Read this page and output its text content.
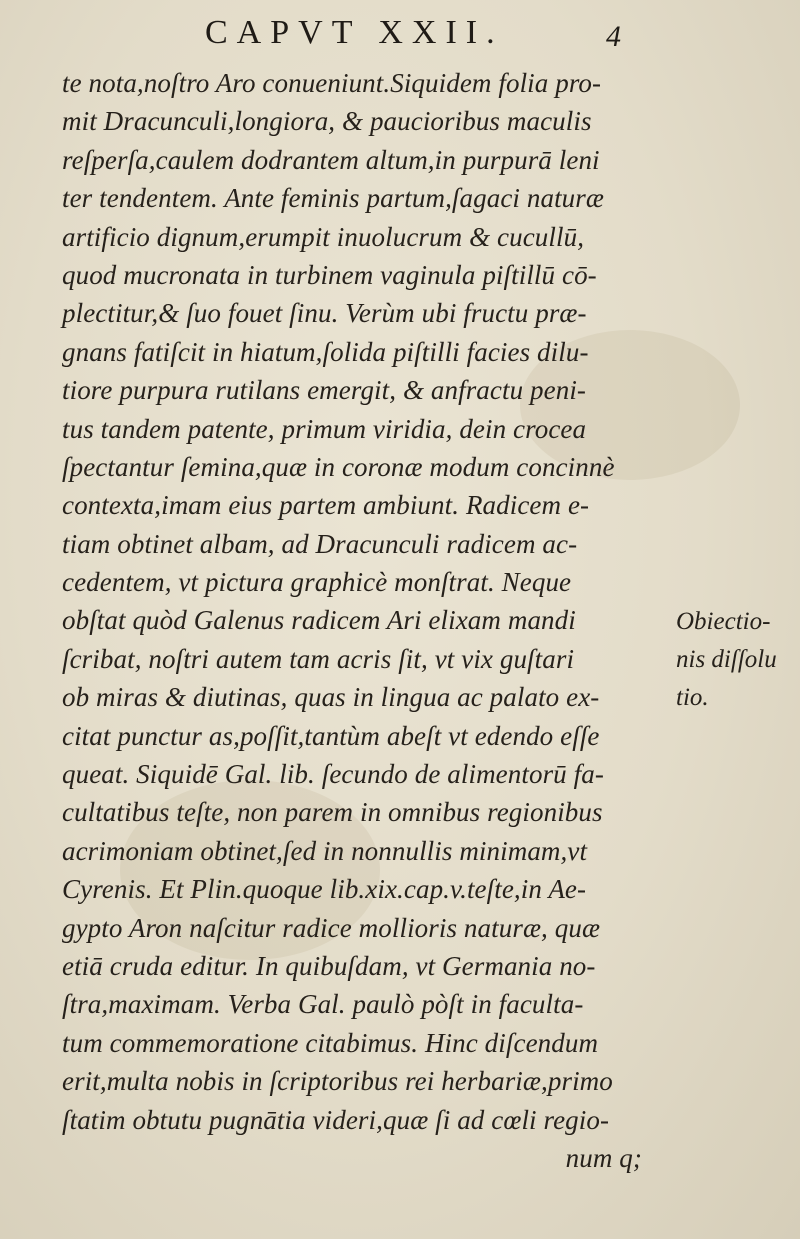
CAPVT XXII.	4
te nota,noſtro Aro conueniunt.Siquidem folia pro-
mit Dracunculi,longiora, & paucioribus maculis
reſperſa,caulem dodrantem altum,in purpurā leni
ter tendentem. Ante feminis partum,ſagaci naturæ
artificio dignum,erumpit inuolucrum & cucullū,
quod mucronata in turbinem vaginula piſtillū cō-
plectitur,& ſuo fouet ſinu. Verùm ubi fructu præ-
gnans fatiſcit in hiatum,ſolida piſtilli facies dilu-
tiore purpura rutilans emergit, & anfractu peni-
tus tandem patente, primum viridia, dein crocea
ſpectantur ſemina,quæ in coronæ modum concinnè
contexta,imam eius partem ambiunt. Radicem e-
tiam obtinet albam, ad Dracunculi radicem ac-
cedentem, vt pictura graphicè monſtrat. Neque
obſtat quòd Galenus radicem Ari elixam mandi
ſcribat, noſtri autem tam acris ſit, vt vix guſtari
ob miras & diutinas, quas in lingua ac palato ex-
citat punctur as,poſſit,tantùm abeſt vt edendo eſſe
queat. Siquidē Gal. lib. ſecundo de alimentorū fa-
cultatibus teſte, non parem in omnibus regionibus
acrimoniam obtinet,ſed in nonnullis minimam,vt
Cyrenis. Et Plin.quoque lib.xix.cap.v.teſte,in Ae-
gypto Aron naſcitur radice mollioris naturæ, quæ
etiā cruda editur. In quibuſdam, vt Germania no-
ſtra,maximam. Verba Gal. paulò pòſt in faculta-
tum commemoratione citabimus. Hinc diſcendum
erit,multa nobis in ſcriptoribus rei herbariæ,primo
ſtatim obtutu pugnātia videri,quæ ſi ad cœli regio-
num q;
Obiectio-
nis diſſolu
tio.
